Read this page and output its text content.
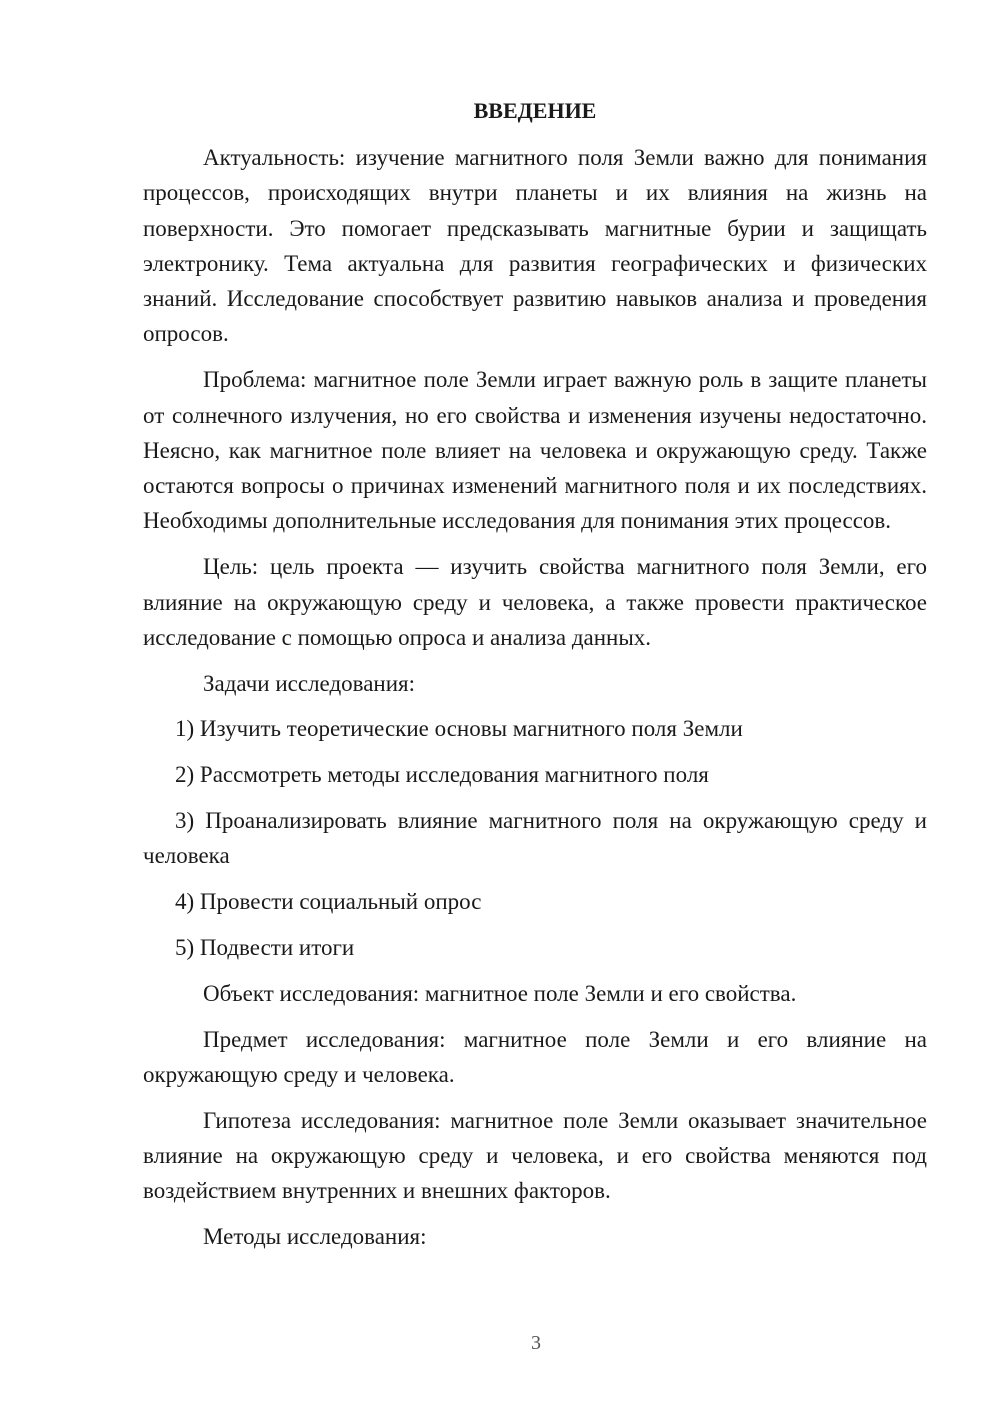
ВВЕДЕНИЕ

Актуальность: изучение магнитного поля Земли важно для понимания процессов, происходящих внутри планеты и их влияния на жизнь на поверхности. Это помогает предсказывать магнитные бурии и защищать электронику. Тема актуальна для развития географических и физических знаний. Исследование способствует развитию навыков анализа и проведения опросов.

Проблема: магнитное поле Земли играет важную роль в защите планеты от солнечного излучения, но его свойства и изменения изучены недостаточно. Неясно, как магнитное поле влияет на человека и окружающую среду. Также остаются вопросы о причинах изменений магнитного поля и их последствиях. Необходимы дополнительные исследования для понимания этих процессов.

Цель: цель проекта — изучить свойства магнитного поля Земли, его влияние на окружающую среду и человека, а также провести практическое исследование с помощью опроса и анализа данных.

Задачи исследования:

1) Изучить теоретические основы магнитного поля Земли

2) Рассмотреть методы исследования магнитного поля

3) Проанализировать влияние магнитного поля на окружающую среду и человека

4) Провести социальный опрос

5) Подвести итоги

Объект исследования: магнитное поле Земли и его свойства.

Предмет исследования: магнитное поле Земли и его влияние на окружающую среду и человека.

Гипотеза исследования: магнитное поле Земли оказывает значительное влияние на окружающую среду и человека, и его свойства меняются под воздействием внутренних и внешних факторов.

Методы исследования:

3
